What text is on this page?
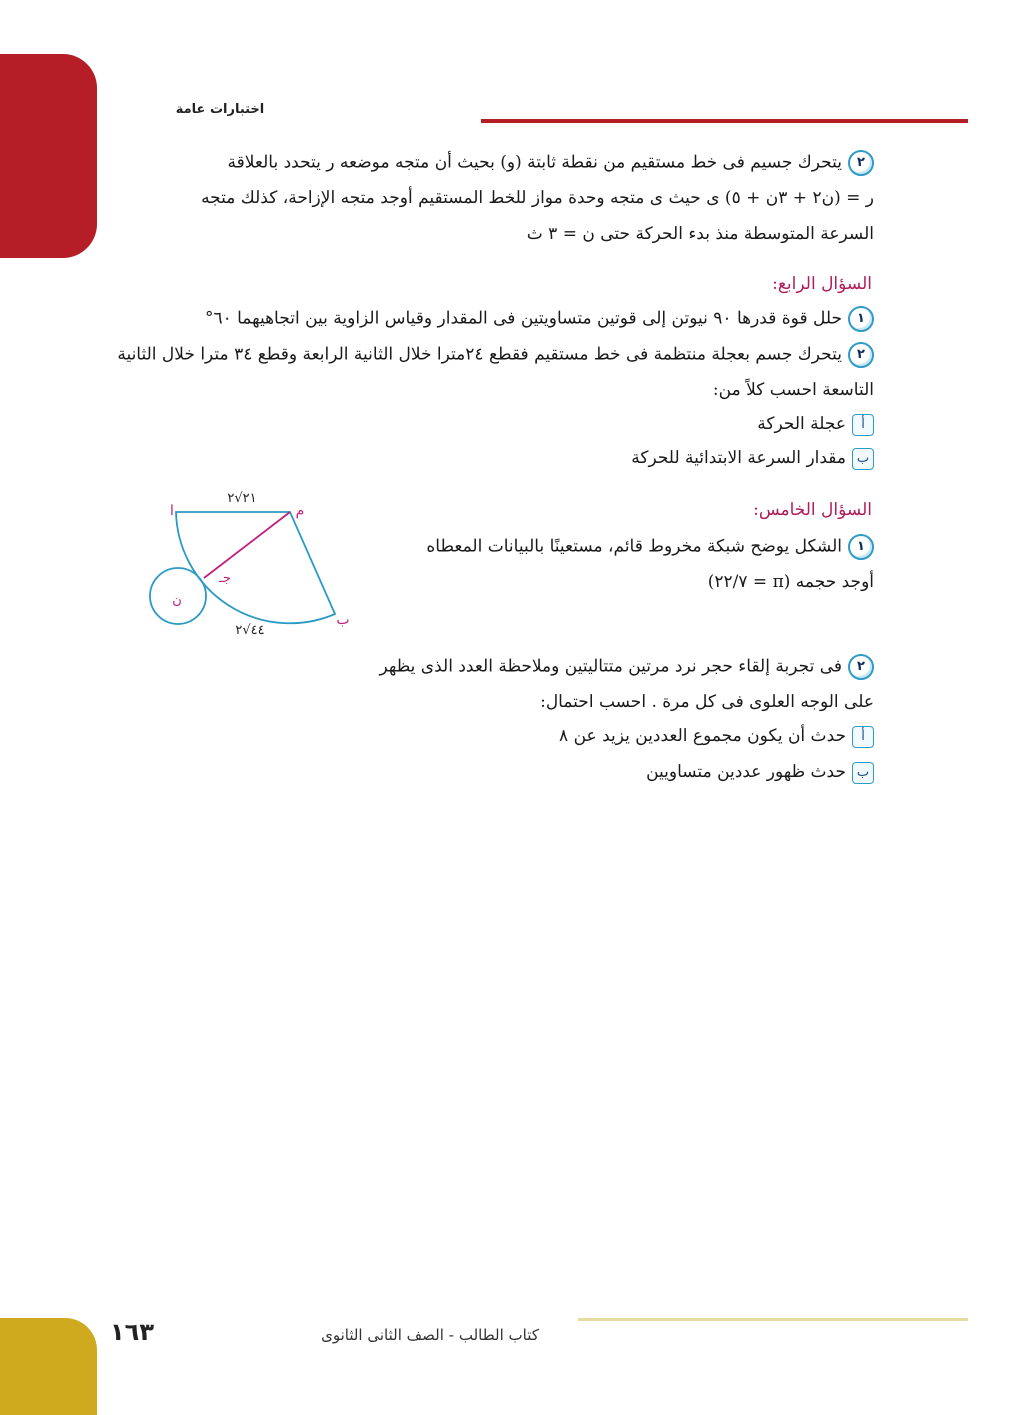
اختبارات عامة
٢يتحرك جسيم فى خط مستقيم من نقطة ثابتة (و) بحيث أن متجه موضعه ر يتحدد بالعلاقة
ر = (ن٢ + ٣ن + ٥) ى حيث ى متجه وحدة مواز للخط المستقيم أوجد متجه الإزاحة، كذلك متجه
السرعة المتوسطة منذ بدء الحركة حتى ن = ٣ ث
السؤال الرابع:
١حلل قوة قدرها ٩٠ نيوتن إلى قوتين متساويتين فى المقدار وقياس الزاوية بين اتجاهيهما ٦٠°
٢يتحرك جسم بعجلة منتظمة فى خط مستقيم فقطع ٢٤مترا خلال الثانية الرابعة وقطع ٣٤ مترا خلال الثانية
التاسعة احسب كلاً من:
أعجلة الحركة
بمقدار السرعة الابتدائية للحركة
السؤال الخامس:
١الشكل يوضح شبكة مخروط قائم، مستعينًا بالبيانات المعطاه
أوجد حجمه (π = ٢٢/٧)
ا	م
ب
جـ
ن
٢١√٢
٤٤√٢
٢فى تجربة إلقاء حجر نرد مرتين متتاليتين وملاحظة العدد الذى يظهر
على الوجه العلوى فى كل مرة . احسب احتمال:
أحدث أن يكون مجموع العددين يزيد عن ٨
بحدث ظهور عددين متساويين
١٦٣	كتاب الطالب - الصف الثانى الثانوى
